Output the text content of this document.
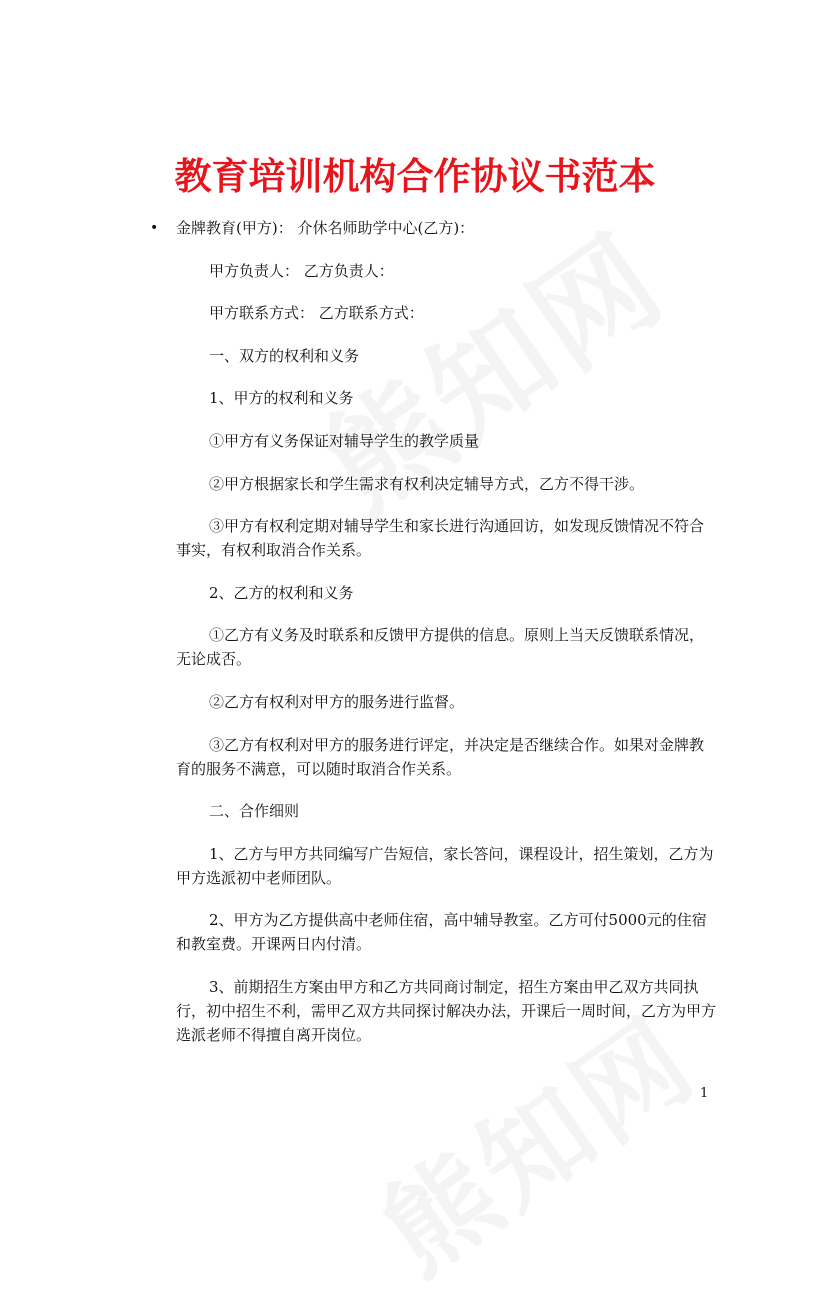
教育培训机构合作协议书范本
• 金牌教育(甲方)： 介休名师助学中心(乙方)：

甲方负责人： 乙方负责人：

甲方联系方式： 乙方联系方式：

一、双方的权利和义务

1、甲方的权利和义务

①甲方有义务保证对辅导学生的教学质量

②甲方根据家长和学生需求有权利决定辅导方式，乙方不得干涉。

③甲方有权利定期对辅导学生和家长进行沟通回访，如发现反馈情况不符合事实，有权利取消合作关系。

2、乙方的权利和义务

①乙方有义务及时联系和反馈甲方提供的信息。原则上当天反馈联系情况，无论成否。

②乙方有权利对甲方的服务进行监督。

③乙方有权利对甲方的服务进行评定，并决定是否继续合作。如果对金牌教育的服务不满意，可以随时取消合作关系。

二、合作细则

1、乙方与甲方共同编写广告短信，家长答问，课程设计，招生策划，乙方为甲方选派初中老师团队。

2、甲方为乙方提供高中老师住宿，高中辅导教室。乙方可付5000元的住宿和教室费。开课两日内付清。

3、前期招生方案由甲方和乙方共同商讨制定，招生方案由甲乙双方共同执行，初中招生不利，需甲乙双方共同探讨解决办法，开课后一周时间，乙方为甲方选派老师不得擅自离开岗位。

1
